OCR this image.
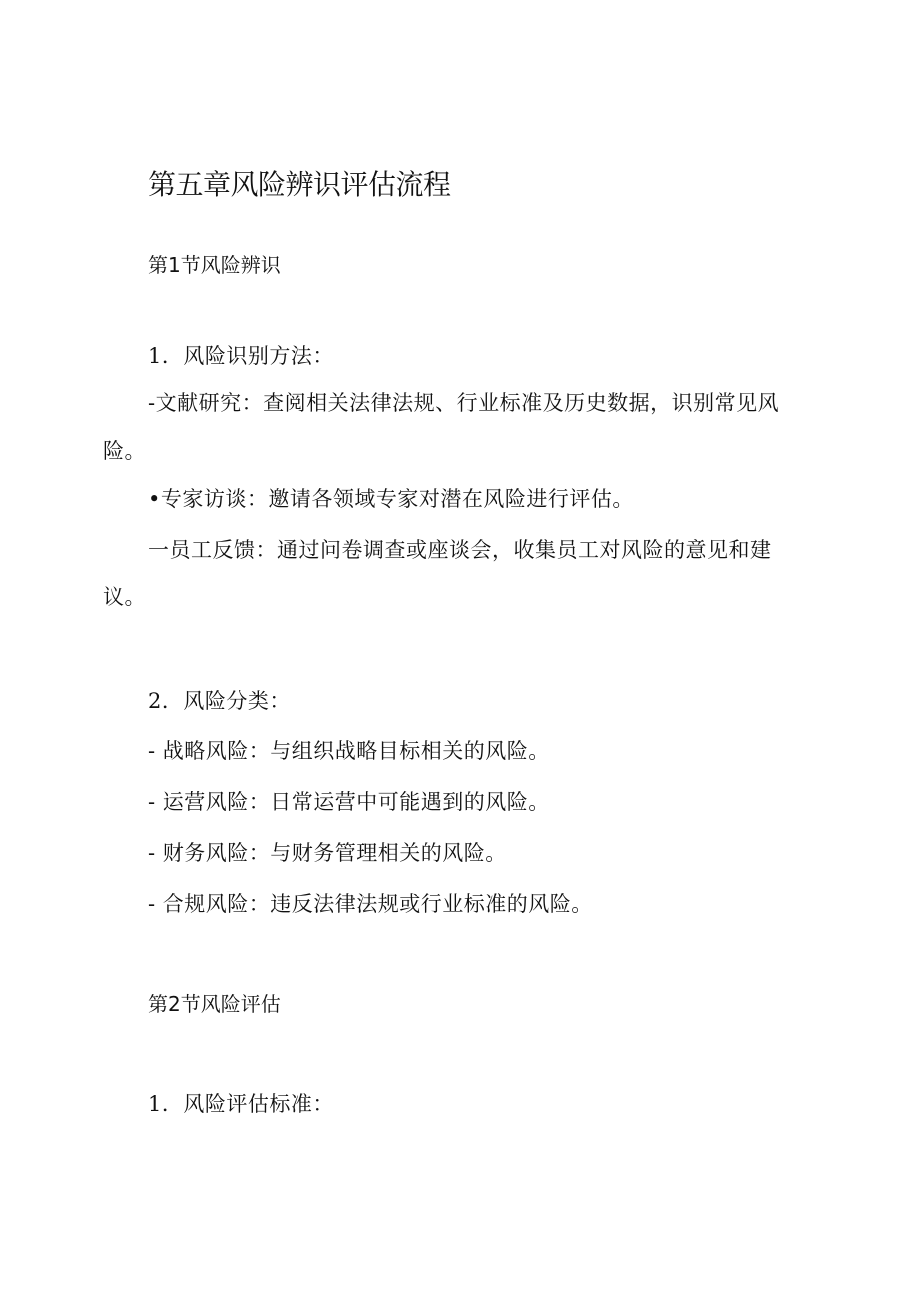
第五章风险辨识评估流程
第1节风险辨识
1．风险识别方法：
-文献研究：查阅相关法律法规、行业标准及历史数据，识别常见风
险。
•专家访谈：邀请各领域专家对潜在风险进行评估。
一员工反馈：通过问卷调查或座谈会，收集员工对风险的意见和建
议。
2．风险分类：
- 战略风险：与组织战略目标相关的风险。
- 运营风险：日常运营中可能遇到的风险。
- 财务风险：与财务管理相关的风险。
- 合规风险：违反法律法规或行业标准的风险。
第2节风险评估
1．风险评估标准：
